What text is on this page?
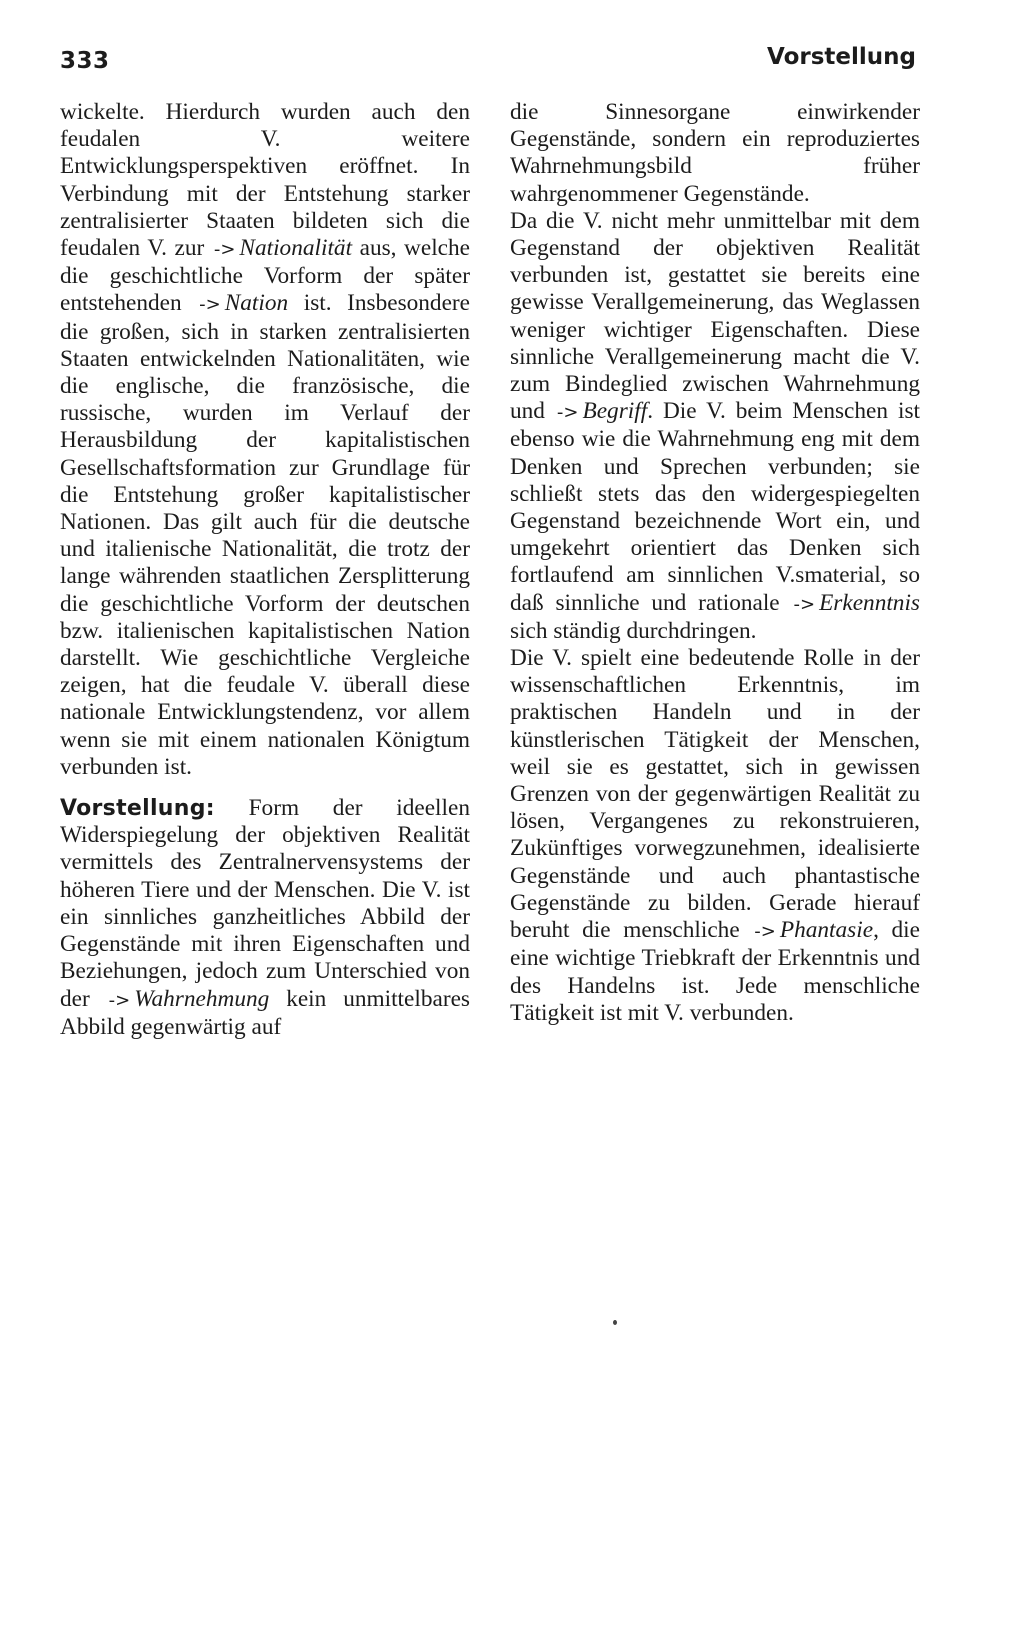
333	Vorstellung

wickelte. Hierdurch wurden auch den feudalen V. weitere Entwicklungsperspektiven eröffnet. In Verbindung mit der Entstehung starker zentralisierter Staaten bildeten sich die feudalen V. zur -> Nationalität aus, welche die geschichtliche Vorform der später entstehenden -> Nation ist. Insbesondere die großen, sich in starken zentralisierten Staaten entwickelnden Nationalitäten, wie die englische, die französische, die russische, wurden im Verlauf der Herausbildung der kapitalistischen Gesellschaftsformation zur Grundlage für die Entstehung großer kapitalistischer Nationen. Das gilt auch für die deutsche und italienische Nationalität, die trotz der lange währenden staatlichen Zersplitterung die geschichtliche Vorform der deutschen bzw. italienischen kapitalistischen Nation darstellt. Wie geschichtliche Vergleiche zeigen, hat die feudale V. überall diese nationale Entwicklungstendenz, vor allem wenn sie mit einem nationalen Königtum verbunden ist.

Vorstellung: Form der ideellen Widerspiegelung der objektiven Realität vermittels des Zentralnervensystems der höheren Tiere und der Menschen. Die V. ist ein sinnliches ganzheitliches Abbild der Gegenstände mit ihren Eigenschaften und Beziehungen, jedoch zum Unterschied von der -> Wahrnehmung kein unmittelbares Abbild gegenwärtig auf

die Sinnesorgane einwirkender Gegenstände, sondern ein reproduziertes Wahrnehmungsbild früher wahrgenommener Gegenstände.

Da die V. nicht mehr unmittelbar mit dem Gegenstand der objektiven Realität verbunden ist, gestattet sie bereits eine gewisse Verallgemeinerung, das Weglassen weniger wichtiger Eigenschaften. Diese sinnliche Verallgemeinerung macht die V. zum Bindeglied zwischen Wahrnehmung und -> Begriff. Die V. beim Menschen ist ebenso wie die Wahrnehmung eng mit dem Denken und Sprechen verbunden; sie schließt stets das den widergespiegelten Gegenstand bezeichnende Wort ein, und umgekehrt orientiert das Denken sich fortlaufend am sinnlichen V.smaterial, so daß sinnliche und rationale -> Erkenntnis sich ständig durchdringen.

Die V. spielt eine bedeutende Rolle in der wissenschaftlichen Erkenntnis, im praktischen Handeln und in der künstlerischen Tätigkeit der Menschen, weil sie es gestattet, sich in gewissen Grenzen von der gegenwärtigen Realität zu lösen, Vergangenes zu rekonstruieren, Zukünftiges vorwegzunehmen, idealisierte Gegenstände und auch phantastische Gegenstände zu bilden. Gerade hierauf beruht die menschliche -> Phantasie, die eine wichtige Triebkraft der Erkenntnis und des Handelns ist. Jede menschliche Tätigkeit ist mit V. verbunden.
